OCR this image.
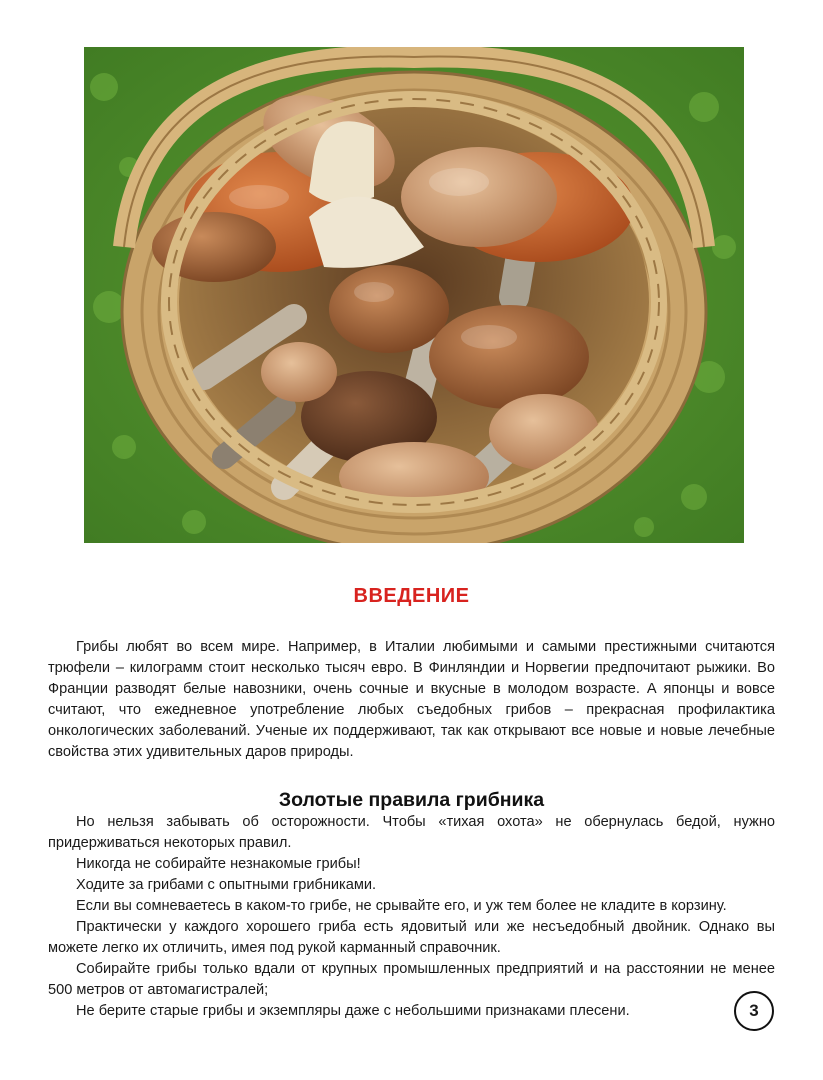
ВВЕДЕНИЕ

Грибы любят во всем мире. Например, в Италии любимыми и самыми престижными считаются трюфели – килограмм стоит несколько тысяч евро. В Финляндии и Норвегии предпочитают рыжики. Во Франции разводят белые навозники, очень сочные и вкусные в молодом возрасте. А японцы и вовсе считают, что ежедневное употребление любых съедобных грибов – прекрасная профилактика онкологических заболеваний. Ученые их поддерживают, так как открывают все новые и новые лечебные свойства этих удивительных даров природы.

Золотые правила грибника

Но нельзя забывать об осторожности. Чтобы «тихая охота» не обернулась бедой, нужно придерживаться некоторых правил.

Никогда не собирайте незнакомые грибы!

Ходите за грибами с опытными грибниками.

Если вы сомневаетесь в каком-то грибе, не срывайте его, и уж тем более не кладите в корзину.

Практически у каждого хорошего гриба есть ядовитый или же несъедобный двойник. Однако вы можете легко их отличить, имея под рукой карманный справочник.

Собирайте грибы только вдали от крупных промышленных предприятий и на расстоянии не менее 500 метров от автомагистралей;

Не берите старые грибы и экземпляры даже с небольшими признаками плесени.	3
